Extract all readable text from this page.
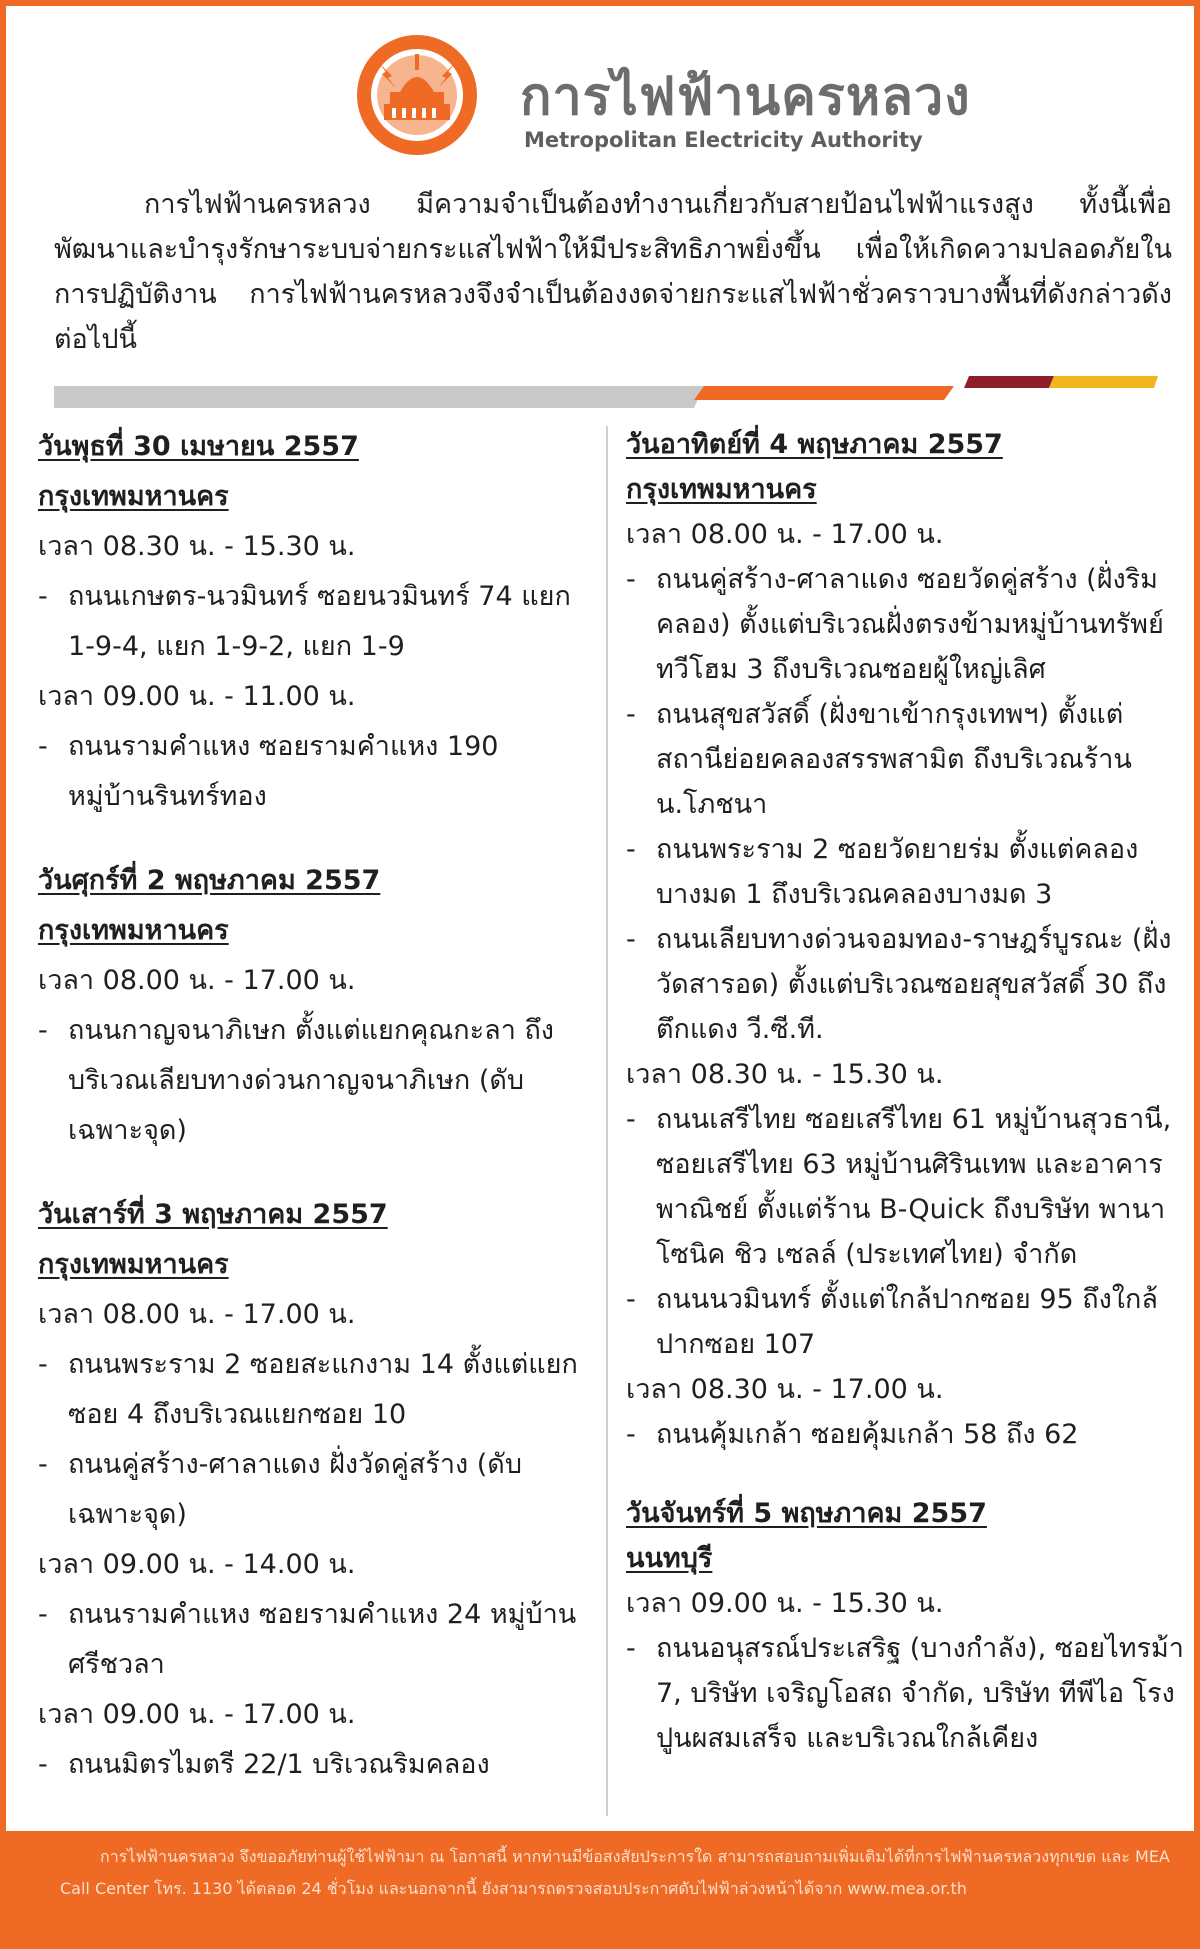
การไฟฟ้านครหลวง
Metropolitan Electricity Authority
การไฟฟ้านครหลวง มีความจำเป็นต้องทำงานเกี่ยวกับสายป้อนไฟฟ้าแรงสูง ทั้งนี้เพื่อพัฒนาและบำรุงรักษาระบบจ่ายกระแสไฟฟ้าให้มีประสิทธิภาพยิ่งขึ้น เพื่อให้เกิดความปลอดภัยในการปฏิบัติงาน การไฟฟ้านครหลวงจึงจำเป็นต้องงดจ่ายกระแสไฟฟ้าชั่วคราวบางพื้นที่ดังกล่าวดังต่อไปนี้
วันพุธที่ 30 เมษายน 2557
กรุงเทพมหานคร
เวลา 08.30 น. - 15.30 น.
- ถนนเกษตร-นวมินทร์ ซอยนวมินทร์ 74 แยก 1-9-4, แยก 1-9-2, แยก 1-9
เวลา 09.00 น. - 11.00 น.
- ถนนรามคำแหง ซอยรามคำแหง 190 หมู่บ้านรินทร์ทอง
วันศุกร์ที่ 2 พฤษภาคม 2557
กรุงเทพมหานคร
เวลา 08.00 น. - 17.00 น.
- ถนนกาญจนาภิเษก ตั้งแต่แยกคุณกะลา ถึงบริเวณเลียบทางด่วนกาญจนาภิเษก (ดับเฉพาะจุด)
วันเสาร์ที่ 3 พฤษภาคม 2557
กรุงเทพมหานคร
เวลา 08.00 น. - 17.00 น.
- ถนนพระราม 2 ซอยสะแกงาม 14 ตั้งแต่แยกซอย 4 ถึงบริเวณแยกซอย 10
- ถนนคู่สร้าง-ศาลาแดง ฝั่งวัดคู่สร้าง (ดับเฉพาะจุด)
เวลา 09.00 น. - 14.00 น.
- ถนนรามคำแหง ซอยรามคำแหง 24 หมู่บ้านศรีชวลา
เวลา 09.00 น. - 17.00 น.
- ถนนมิตรไมตรี 22/1 บริเวณริมคลอง
วันอาทิตย์ที่ 4 พฤษภาคม 2557
กรุงเทพมหานคร
เวลา 08.00 น. - 17.00 น.
- ถนนคู่สร้าง-ศาลาแดง ซอยวัดคู่สร้าง (ฝั่งริมคลอง) ตั้งแต่บริเวณฝั่งตรงข้ามหมู่บ้านทรัพย์ทวีโฮม 3 ถึงบริเวณซอยผู้ใหญ่เลิศ
- ถนนสุขสวัสดิ์ (ฝั่งขาเข้ากรุงเทพฯ) ตั้งแต่สถานีย่อยคลองสรรพสามิต ถึงบริเวณร้าน น.โภชนา
- ถนนพระราม 2 ซอยวัดยายร่ม ตั้งแต่คลองบางมด 1 ถึงบริเวณคลองบางมด 3
- ถนนเลียบทางด่วนจอมทอง-ราษฎร์บูรณะ (ฝั่งวัดสารอด) ตั้งแต่บริเวณซอยสุขสวัสดิ์ 30 ถึงตึกแดง วี.ซี.ที.
เวลา 08.30 น. - 15.30 น.
- ถนนเสรีไทย ซอยเสรีไทย 61 หมู่บ้านสุวธานี, ซอยเสรีไทย 63 หมู่บ้านศิรินเทพ และอาคารพาณิชย์ ตั้งแต่ร้าน B-Quick ถึงบริษัท พานาโซนิค ชิว เซลล์ (ประเทศไทย) จำกัด
- ถนนนวมินทร์ ตั้งแต่ใกล้ปากซอย 95 ถึงใกล้ปากซอย 107
เวลา 08.30 น. - 17.00 น.
- ถนนคุ้มเกล้า ซอยคุ้มเกล้า 58 ถึง 62
วันจันทร์ที่ 5 พฤษภาคม 2557
นนทบุรี
เวลา 09.00 น. - 15.30 น.
- ถนนอนุสรณ์ประเสริฐ (บางกำลัง), ซอยไทรม้า 7, บริษัท เจริญโอสถ จำกัด, บริษัท ทีพีไอ โรงปูนผสมเสร็จ และบริเวณใกล้เคียง
การไฟฟ้านครหลวง จึงขออภัยท่านผู้ใช้ไฟฟ้ามา ณ โอกาสนี้ หากท่านมีข้อสงสัยประการใด สามารถสอบถามเพิ่มเติมได้ที่การไฟฟ้านครหลวงทุกเขต และ MEA Call Center โทร. 1130 ได้ตลอด 24 ชั่วโมง และนอกจากนี้ ยังสามารถตรวจสอบประกาศดับไฟฟ้าล่วงหน้าได้จาก www.mea.or.th
